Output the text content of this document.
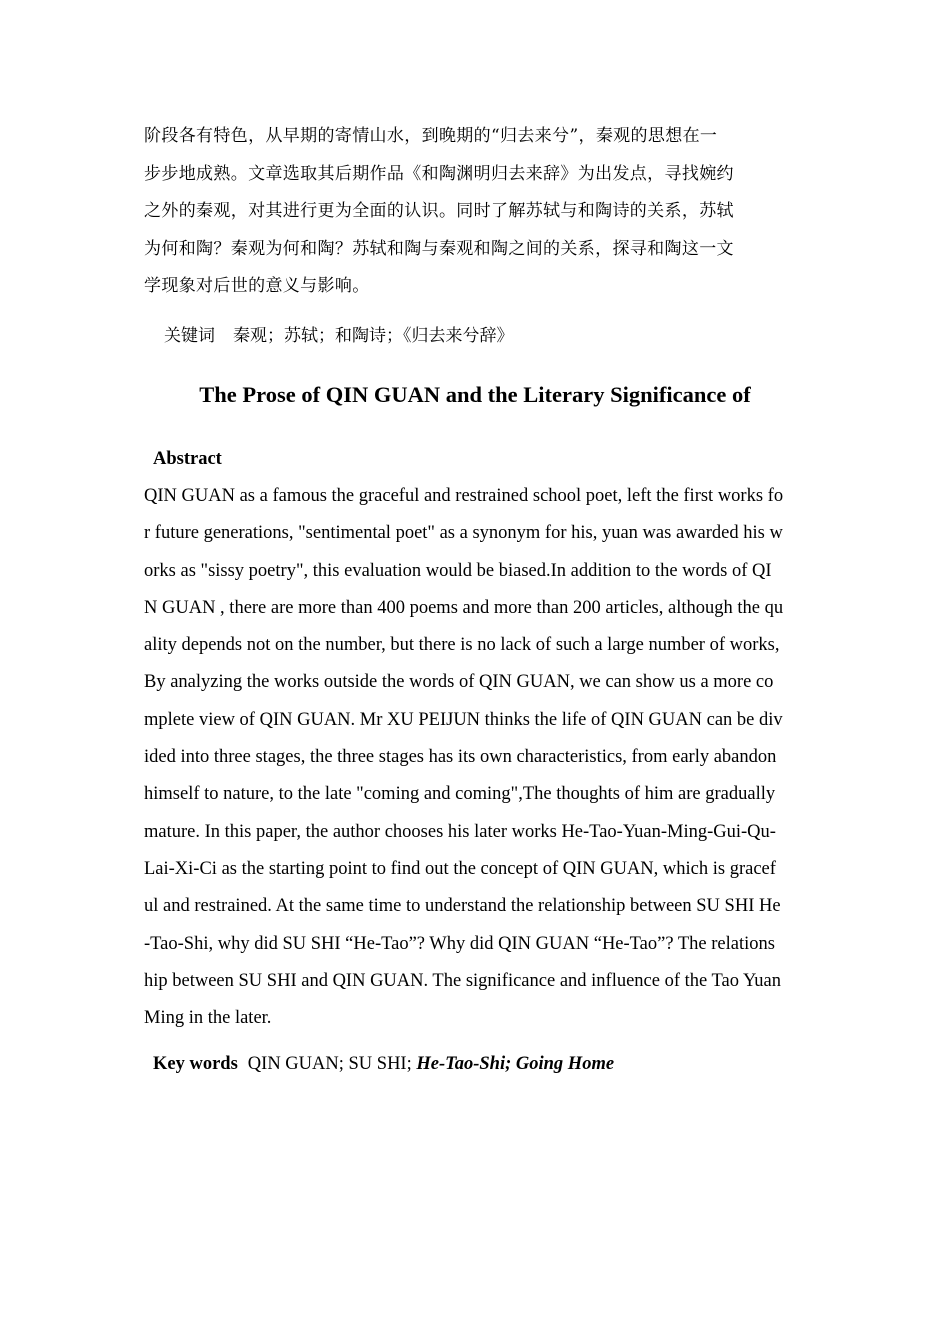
阶段各有特色，从早期的寄情山水，到晚期的“归去来兮”，秦观的思想在一
步步地成熟。文章选取其后期作品《和陶渊明归去来辞》为出发点，寻找婉约
之外的秦观，对其进行更为全面的认识。同时了解苏轼与和陶诗的关系，苏轼
为何和陶？秦观为何和陶？苏轼和陶与秦观和陶之间的关系，探寻和陶这一文
学现象对后世的意义与影响。
关键词 秦观；苏轼；和陶诗；《归去来兮辞》
The Prose of QIN GUAN and the Literary Significance of
Abstract
QIN GUAN as a famous the graceful and restrained school poet, left the first works fo
r future generations, "sentimental poet" as a synonym for his, yuan was awarded his w
orks as "sissy poetry", this evaluation would be biased.In addition to the words of QI
N GUAN , there are more than 400 poems and more than 200 articles, although the qu
ality depends not on the number, but there is no lack of such a large number of works,
By analyzing the works outside the words of QIN GUAN, we can show us a more co
mplete view of QIN GUAN. Mr XU PEIJUN thinks the life of QIN GUAN can be div
ided into three stages, the three stages has its own characteristics, from early abandon
himself to nature, to the late "coming and coming",The thoughts of him are gradually
mature. In this paper, the author chooses his later works He-Tao-Yuan-Ming-Gui-Qu-
Lai-Xi-Ci as the starting point to find out the concept of QIN GUAN, which is gracef
ul and restrained. At the same time to understand the relationship between SU SHI He
-Tao-Shi, why did SU SHI “He-Tao”? Why did QIN GUAN “He-Tao”? The relations
hip between SU SHI and QIN GUAN. The significance and influence of the Tao Yuan
Ming in the later.
Key words QIN GUAN; SU SHI; He-Tao-Shi; Going Home
